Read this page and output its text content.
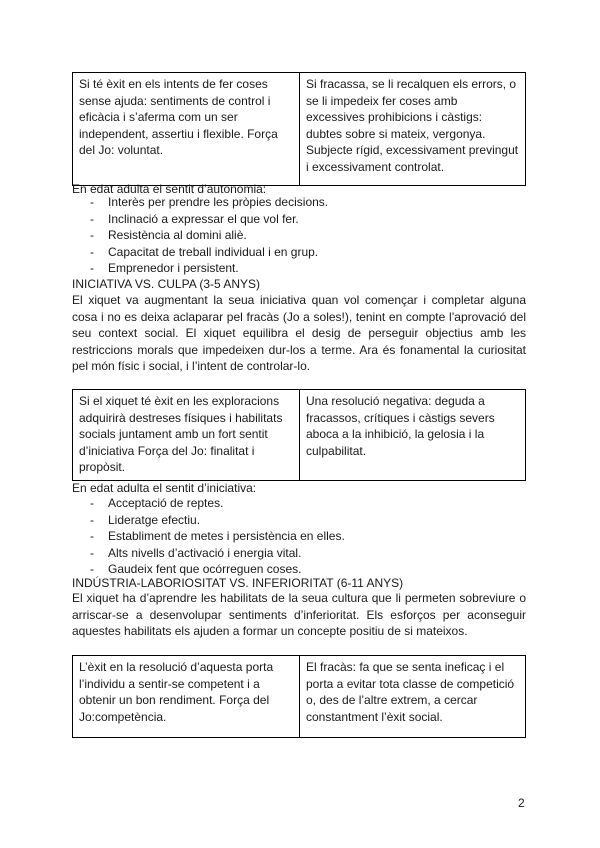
Si té èxit en els intents de fer coses sense ajuda: sentiments de control i eficàcia i s’aferma com un ser independent, assertiu i flexible. Força del Jo: voluntat.	Si fracassa, se li recalquen els errors, o se li impedeix fer coses amb excessives prohibicions i càstigs: dubtes sobre si mateix, vergonya. Subjecte rígid, excessivament previngut i excessivament controlat.

En edat adulta el sentit d’autonomia:

- Interès per prendre les pròpies decisions.
- Inclinació a expressar el que vol fer.
- Resistència al domini aliè.
- Capacitat de treball individual i en grup.
- Emprenedor i persistent.

INICIATIVA VS. CULPA (3-5 ANYS)

El xiquet va augmentant la seua iniciativa quan vol començar i completar alguna cosa i no es deixa aclaparar pel fracàs (Jo a soles!), tenint en compte l’aprovació del seu context social. El xiquet equilibra el desig de perseguir objectius amb les restriccions morals que impedeixen dur-los a terme. Ara és fonamental la curiositat pel món físic i social, i l’intent de controlar-lo.

Si el xiquet té èxit en les exploracions adquirirà destreses físiques i habilitats socials juntament amb un fort sentit d’iniciativa Força del Jo: finalitat i propòsit.	Una resolució negativa: deguda a fracassos, crítiques i càstigs severs aboca a la inhibició, la gelosia i la culpabilitat.

En edat adulta el sentit d’iniciativa:

- Acceptació de reptes.
- Lideratge efectiu.
- Establiment de metes i persistència en elles.
- Alts nivells d’activació i energia vital.
- Gaudeix fent que ocórreguen coses.

INDÚSTRIA-LABORIOSITAT VS. INFERIORITAT (6-11 ANYS)

El xiquet ha d’aprendre les habilitats de la seua cultura que li permeten sobreviure o arriscar-se a desenvolupar sentiments d’inferioritat. Els esforços per aconseguir aquestes habilitats els ajuden a formar un concepte positiu de si mateixos.

L’èxit en la resolució d’aquesta porta l’individu a sentir-se competent i a obtenir un bon rendiment. Força del Jo:competència.	El fracàs: fa que se senta ineficaç i el porta a evitar tota classe de competició o, des de l’altre extrem, a cercar constantment l’èxit social.
2
